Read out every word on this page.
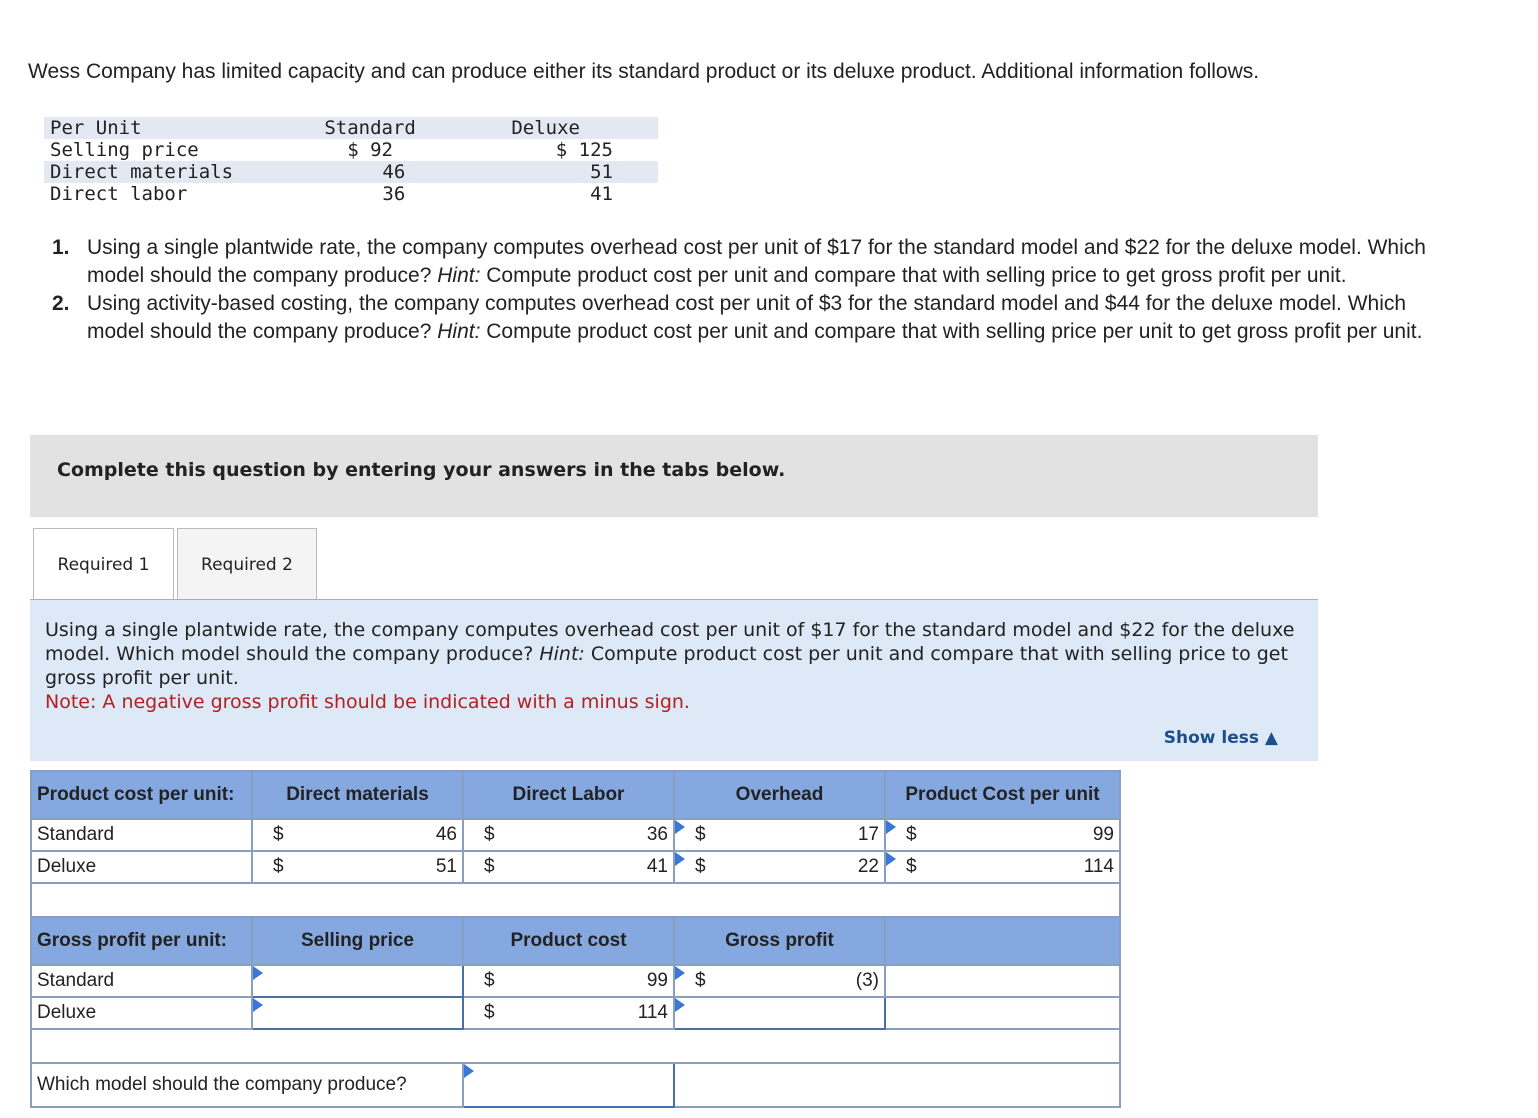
Wess Company has limited capacity and can produce either its standard product or its deluxe product. Additional information follows.
Per Unit	Standard	Deluxe
Selling price	$ 92	$ 125
Direct materials	46	51
Direct labor	36	41
1. Using a single plantwide rate, the company computes overhead cost per unit of $17 for the standard model and $22 for the deluxe model. Which model should the company produce? Hint: Compute product cost per unit and compare that with selling price to get gross profit per unit.
2. Using activity-based costing, the company computes overhead cost per unit of $3 for the standard model and $44 for the deluxe model. Which model should the company produce? Hint: Compute product cost per unit and compare that with selling price per unit to get gross profit per unit.
Complete this question by entering your answers in the tabs below.
Required 1	Required 2
Using a single plantwide rate, the company computes overhead cost per unit of $17 for the standard model and $22 for the deluxe model. Which model should the company produce? Hint: Compute product cost per unit and compare that with selling price to get gross profit per unit.
Note: A negative gross profit should be indicated with a minus sign.
Show less ▲
Product cost per unit:	Direct materials	Direct Labor	Overhead	Product Cost per unit
Standard	$ 46	$ 36	$ 17	$ 99

Deluxe	$ 51	$ 41	$ 22	$ 114

Gross profit per unit:	Selling price	Product cost	Gross profit	
Standard		$ 99	$ (3)	

Deluxe		$ 114		

Which model should the company produce?			
